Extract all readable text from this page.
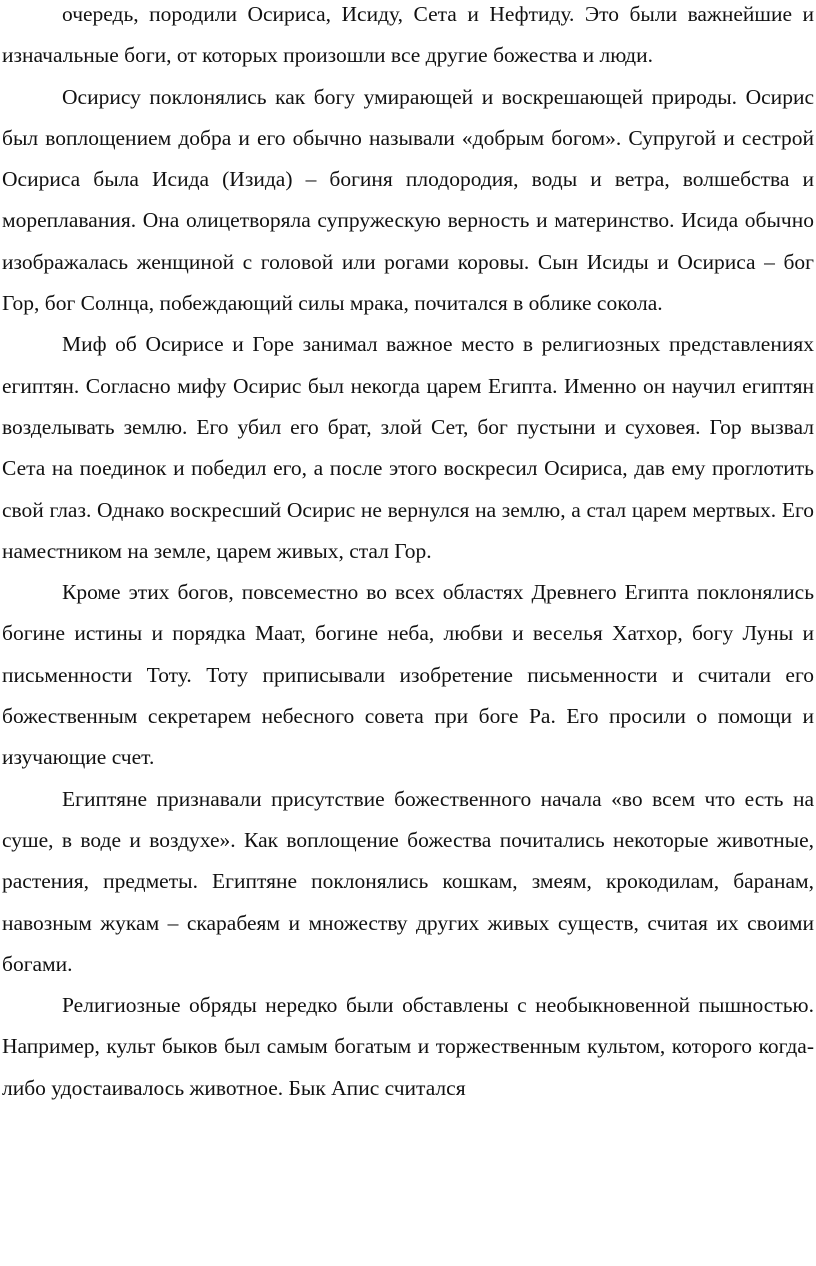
очередь, породили Осириса, Исиду, Сета и Нефтиду. Это были важнейшие и изначальные боги, от которых произошли все другие божества и люди.

Осирису поклонялись как богу умирающей и воскрешающей природы. Осирис был воплощением добра и его обычно называли «добрым богом». Супругой и сестрой Осириса была Исида (Изида) – богиня плодородия, воды и ветра, волшебства и мореплавания. Она олицетворяла супружескую верность и материнство. Исида обычно изображалась женщиной с головой или рогами коровы. Сын Исиды и Осириса – бог Гор, бог Солнца, побеждающий силы мрака, почитался в облике сокола.

Миф об Осирисе и Горе занимал важное место в религиозных представлениях египтян. Согласно мифу Осирис был некогда царем Египта. Именно он научил египтян возделывать землю. Его убил его брат, злой Сет, бог пустыни и суховея. Гор вызвал Сета на поединок и победил его, а после этого воскресил Осириса, дав ему проглотить свой глаз. Однако воскресший Осирис не вернулся на землю, а стал царем мертвых. Его наместником на земле, царем живых, стал Гор.

Кроме этих богов, повсеместно во всех областях Древнего Египта поклонялись богине истины и порядка Маат, богине неба, любви и веселья Хатхор, богу Луны и письменности Тоту. Тоту приписывали изобретение письменности и считали его божественным секретарем небесного совета при боге Ра. Его просили о помощи и изучающие счет.

Египтяне признавали присутствие божественного начала «во всем что есть на суше, в воде и воздухе». Как воплощение божества почитались некоторые животные, растения, предметы. Египтяне поклонялись кошкам, змеям, крокодилам, баранам, навозным жукам – скарабеям и множеству других живых существ, считая их своими богами.

Религиозные обряды нередко были обставлены с необыкновенной пышностью. Например, культ быков был самым богатым и торжественным культом, которого когда-либо удостаивалось животное. Бык Апис считался
